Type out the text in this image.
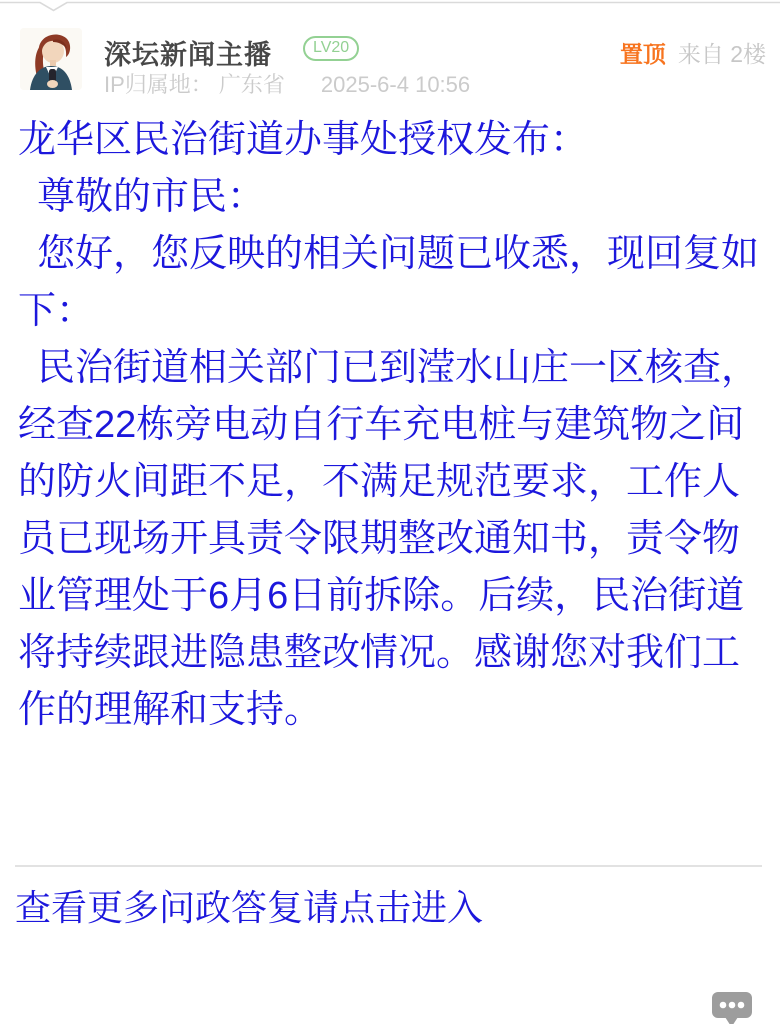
深坛新闻主播	LV20	置顶 来自 2楼
IP归属地： 广东省 2025-6-4 10:56

龙华区民治街道办事处授权发布：

 尊敬的市民：

 您好，您反映的相关问题已收悉，现回复如下：

 民治街道相关部门已到滢水山庄一区核查，经查22栋旁电动自行车充电桩与建筑物之间的防火间距不足，不满足规范要求，工作人员已现场开具责令限期整改通知书，责令物业管理处于6月6日前拆除。后续，民治街道将持续跟进隐患整改情况。感谢您对我们工作的理解和支持。

查看更多问政答复请点击进入
